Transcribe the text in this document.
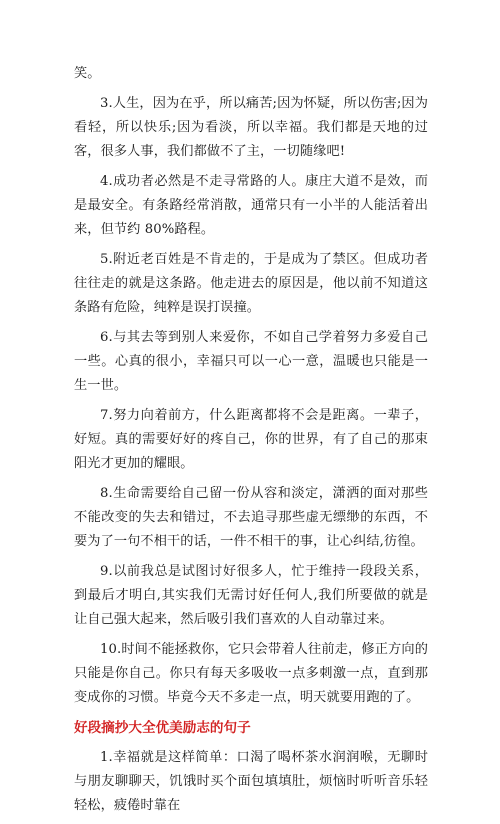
笑。

3.人生，因为在乎，所以痛苦;因为怀疑，所以伤害;因为看轻，所以快乐;因为看淡，所以幸福。我们都是天地的过客，很多人事，我们都做不了主，一切随缘吧!

4.成功者必然是不走寻常路的人。康庄大道不是效，而是最安全。有条路经常消散，通常只有一小半的人能活着出来，但节约 80%路程。

5.附近老百姓是不肯走的，于是成为了禁区。但成功者往往走的就是这条路。他走进去的原因是，他以前不知道这条路有危险，纯粹是误打误撞。

6.与其去等到别人来爱你，不如自己学着努力多爱自己一些。心真的很小，幸福只可以一心一意，温暖也只能是一生一世。

7.努力向着前方，什么距离都将不会是距离。一辈子，好短。真的需要好好的疼自己，你的世界，有了自己的那束阳光才更加的耀眼。

8.生命需要给自己留一份从容和淡定，潇洒的面对那些不能改变的失去和错过，不去追寻那些虚无缥缈的东西，不要为了一句不相干的话，一件不相干的事，让心纠结,彷徨。

9.以前我总是试图讨好很多人，忙于维持一段段关系，到最后才明白,其实我们无需讨好任何人,我们所要做的就是让自己强大起来，然后吸引我们喜欢的人自动靠过来。

10.时间不能拯救你，它只会带着人往前走，修正方向的只能是你自己。你只有每天多吸收一点多刺激一点，直到那变成你的习惯。毕竟今天不多走一点，明天就要用跑的了。

好段摘抄大全优美励志的句子

1.幸福就是这样简单：口渴了喝杯茶水润润喉，无聊时与朋友聊聊天，饥饿时买个面包填填肚，烦恼时听听音乐轻轻松，疲倦时靠在
